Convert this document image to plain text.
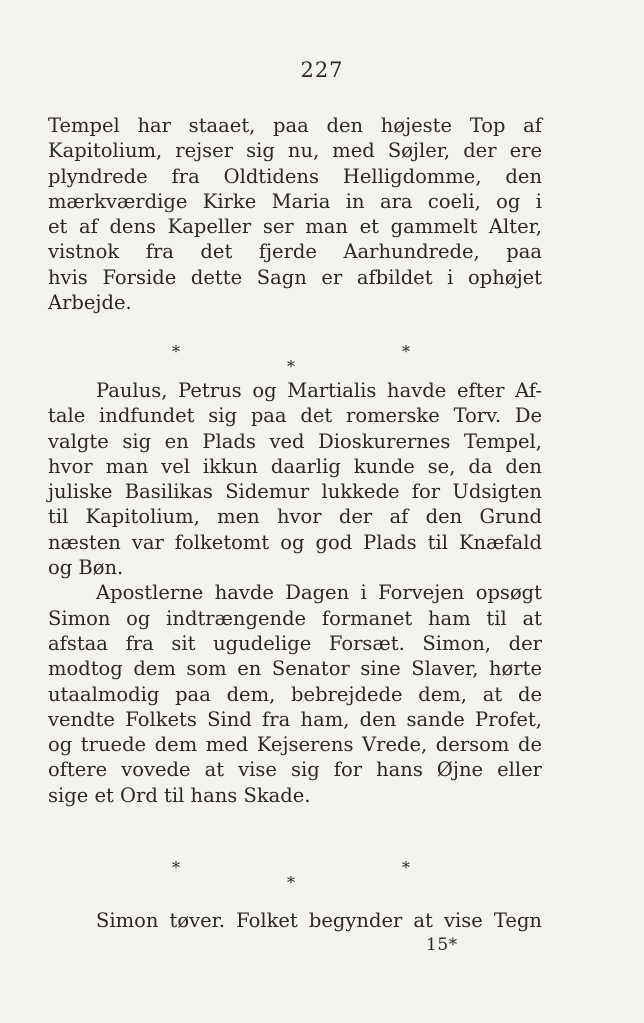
227
Tempel har staaet, paa den højeste Top af
Kapitolium, rejser sig nu, med Søjler, der ere
plyndrede fra Oldtidens Helligdomme, den
mærkværdige Kirke Maria in ara coeli, og i
et af dens Kapeller ser man et gammelt Alter,
vistnok fra det fjerde Aarhundrede, paa
hvis Forside dette Sagn er afbildet i ophøjet
Arbejde.
*	*
*
Paulus, Petrus og Martialis havde efter Af-
tale indfundet sig paa det romerske Torv. De
valgte sig en Plads ved Dioskurernes Tempel,
hvor man vel ikkun daarlig kunde se, da den
juliske Basilikas Sidemur lukkede for Udsigten
til Kapitolium, men hvor der af den Grund
næsten var folketomt og god Plads til Knæfald
og Bøn.
Apostlerne havde Dagen i Forvejen opsøgt
Simon og indtrængende formanet ham til at
afstaa fra sit ugudelige Forsæt. Simon, der
modtog dem som en Senator sine Slaver, hørte
utaalmodig paa dem, bebrejdede dem, at de
vendte Folkets Sind fra ham, den sande Profet,
og truede dem med Kejserens Vrede, dersom de
oftere vovede at vise sig for hans Øjne eller
sige et Ord til hans Skade.
*	*
*
Simon tøver. Folket begynder at vise Tegn
15*
